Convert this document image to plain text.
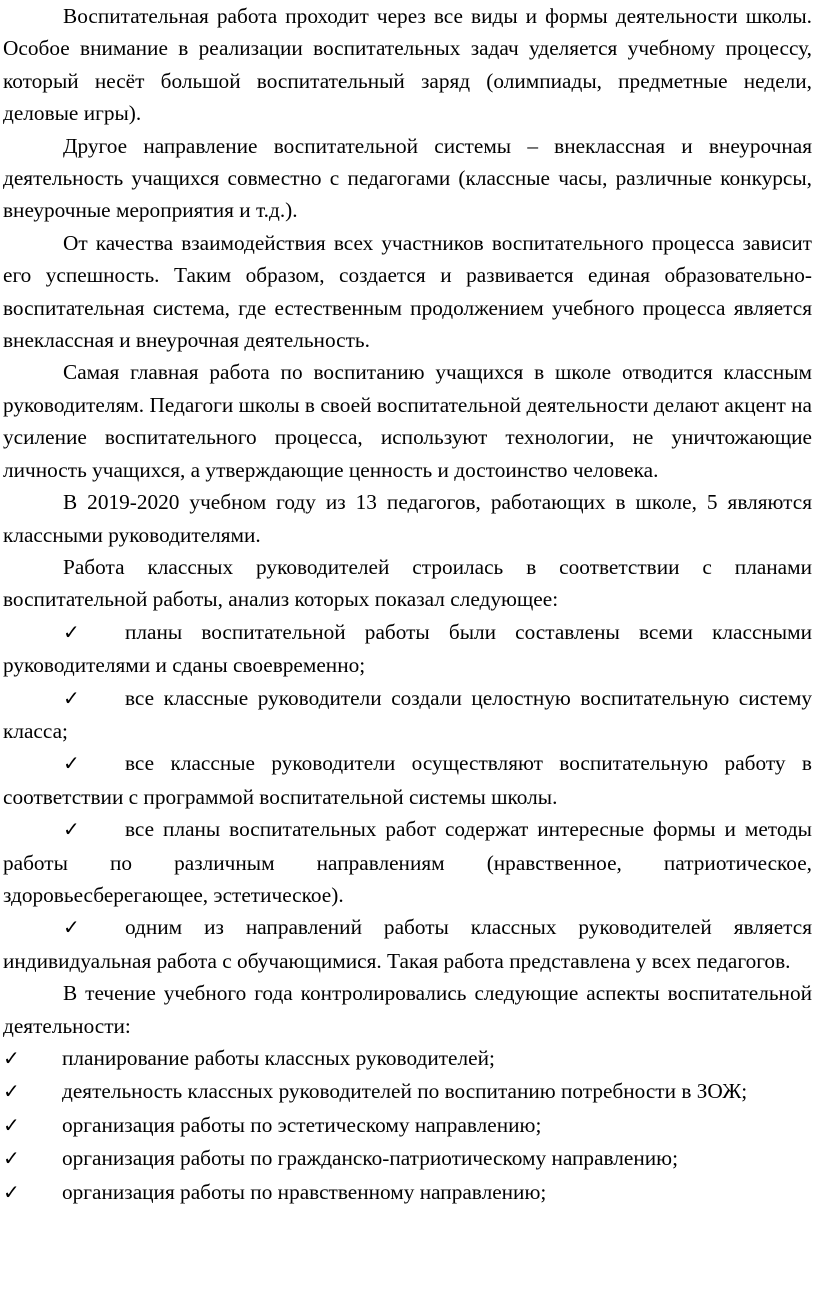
Воспитательная работа проходит через все виды и формы деятельности школы. Особое внимание в реализации воспитательных задач уделяется учебному процессу, который несёт большой воспитательный заряд (олимпиады, предметные недели, деловые игры).

Другое направление воспитательной системы – внеклассная и внеурочная деятельность учащихся совместно с педагогами (классные часы, различные конкурсы, внеурочные мероприятия и т.д.).

От качества взаимодействия всех участников воспитательного процесса зависит его успешность. Таким образом, создается и развивается единая образовательно-воспитательная система, где естественным продолжением учебного процесса является внеклассная и внеурочная деятельность.

Самая главная работа по воспитанию учащихся в школе отводится классным руководителям. Педагоги школы в своей воспитательной деятельности делают акцент на усиление воспитательного процесса, используют технологии, не уничтожающие личность учащихся, а утверждающие ценность и достоинство человека.

В 2019-2020 учебном году из 13 педагогов, работающих в школе, 5 являются классными руководителями.

Работа классных руководителей строилась в соответствии с планами воспитательной работы, анализ которых показал следующее:

✓ планы воспитательной работы были составлены всеми классными руководителями и сданы своевременно;

✓ все классные руководители создали целостную воспитательную систему класса;

✓ все классные руководители осуществляют воспитательную работу в соответствии с программой воспитательной системы школы.

✓ все планы воспитательных работ содержат интересные формы и методы работы по различным направлениям (нравственное, патриотическое, здоровьесберегающее, эстетическое).

✓ одним из направлений работы классных руководителей является индивидуальная работа с обучающимися. Такая работа представлена у всех педагогов.

В течение учебного года контролировались следующие аспекты воспитательной деятельности:

✓ планирование работы классных руководителей;

✓ деятельность классных руководителей по воспитанию потребности в ЗОЖ;

✓ организация работы по эстетическому направлению;

✓ организация работы по гражданско-патриотическому направлению;

✓ организация работы по нравственному направлению;
